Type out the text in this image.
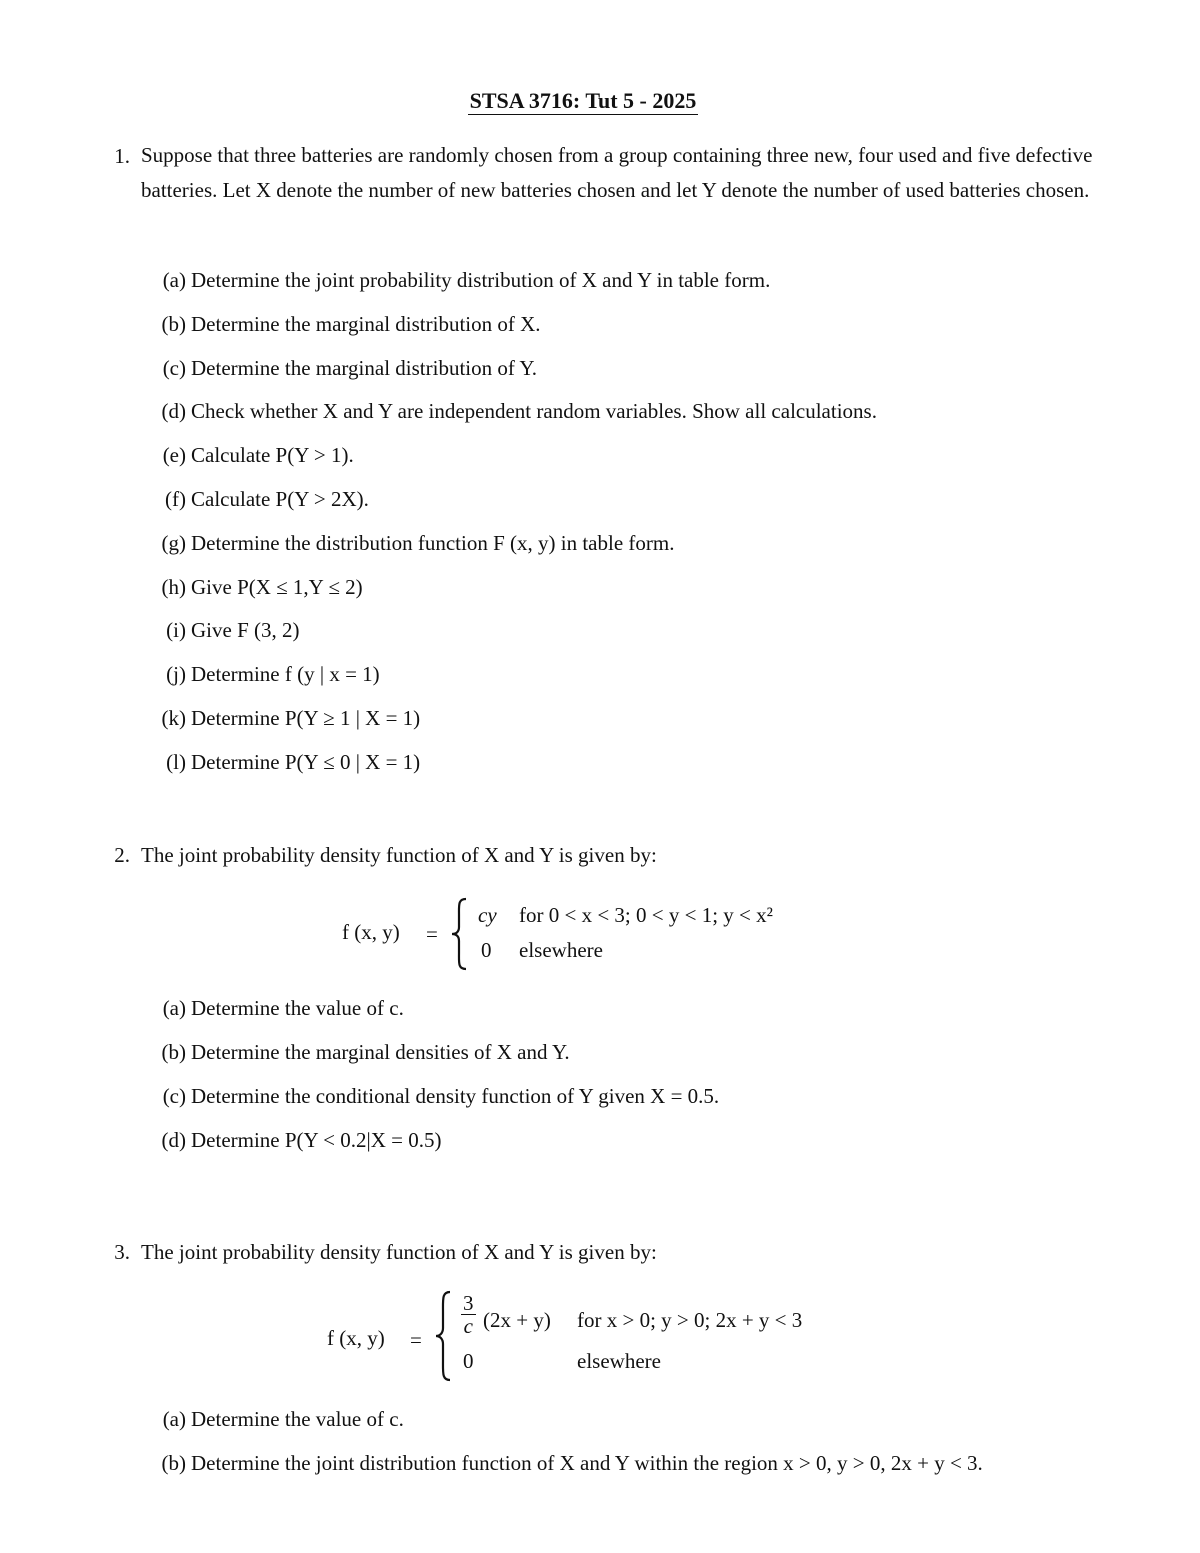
STSA 3716: Tut 5 - 2025
1. Suppose that three batteries are randomly chosen from a group containing three new, four used and five defective batteries. Let X denote the number of new batteries chosen and let Y denote the number of used batteries chosen.
(a) Determine the joint probability distribution of X and Y in table form.
(b) Determine the marginal distribution of X.
(c) Determine the marginal distribution of Y.
(d) Check whether X and Y are independent random variables. Show all calculations.
(e) Calculate P(Y > 1).
(f) Calculate P(Y > 2X).
(g) Determine the distribution function F (x, y) in table form.
(h) Give P(X ≤ 1,Y ≤ 2)
(i) Give F (3, 2)
(j) Determine f (y | x = 1)
(k) Determine P(Y ≥ 1 | X = 1)
(l) Determine P(Y ≤ 0 | X = 1)
2. The joint probability density function of X and Y is given by:
f (x, y) =
cy for 0 < x < 3; 0 < y < 1; y < x²
0 elsewhere
(a) Determine the value of c.
(b) Determine the marginal densities of X and Y.
(c) Determine the conditional density function of Y given X = 0.5.
(d) Determine P(Y < 0.2|X = 0.5)
3. The joint probability density function of X and Y is given by:
f (x, y) =
$\frac{3}{c} (2x + y)$ for x > 0; y > 0; 2x + y < 3
0	elsewhere
(a) Determine the value of c.
(b) Determine the joint distribution function of X and Y within the region x > 0, y > 0, 2x + y < 3.
